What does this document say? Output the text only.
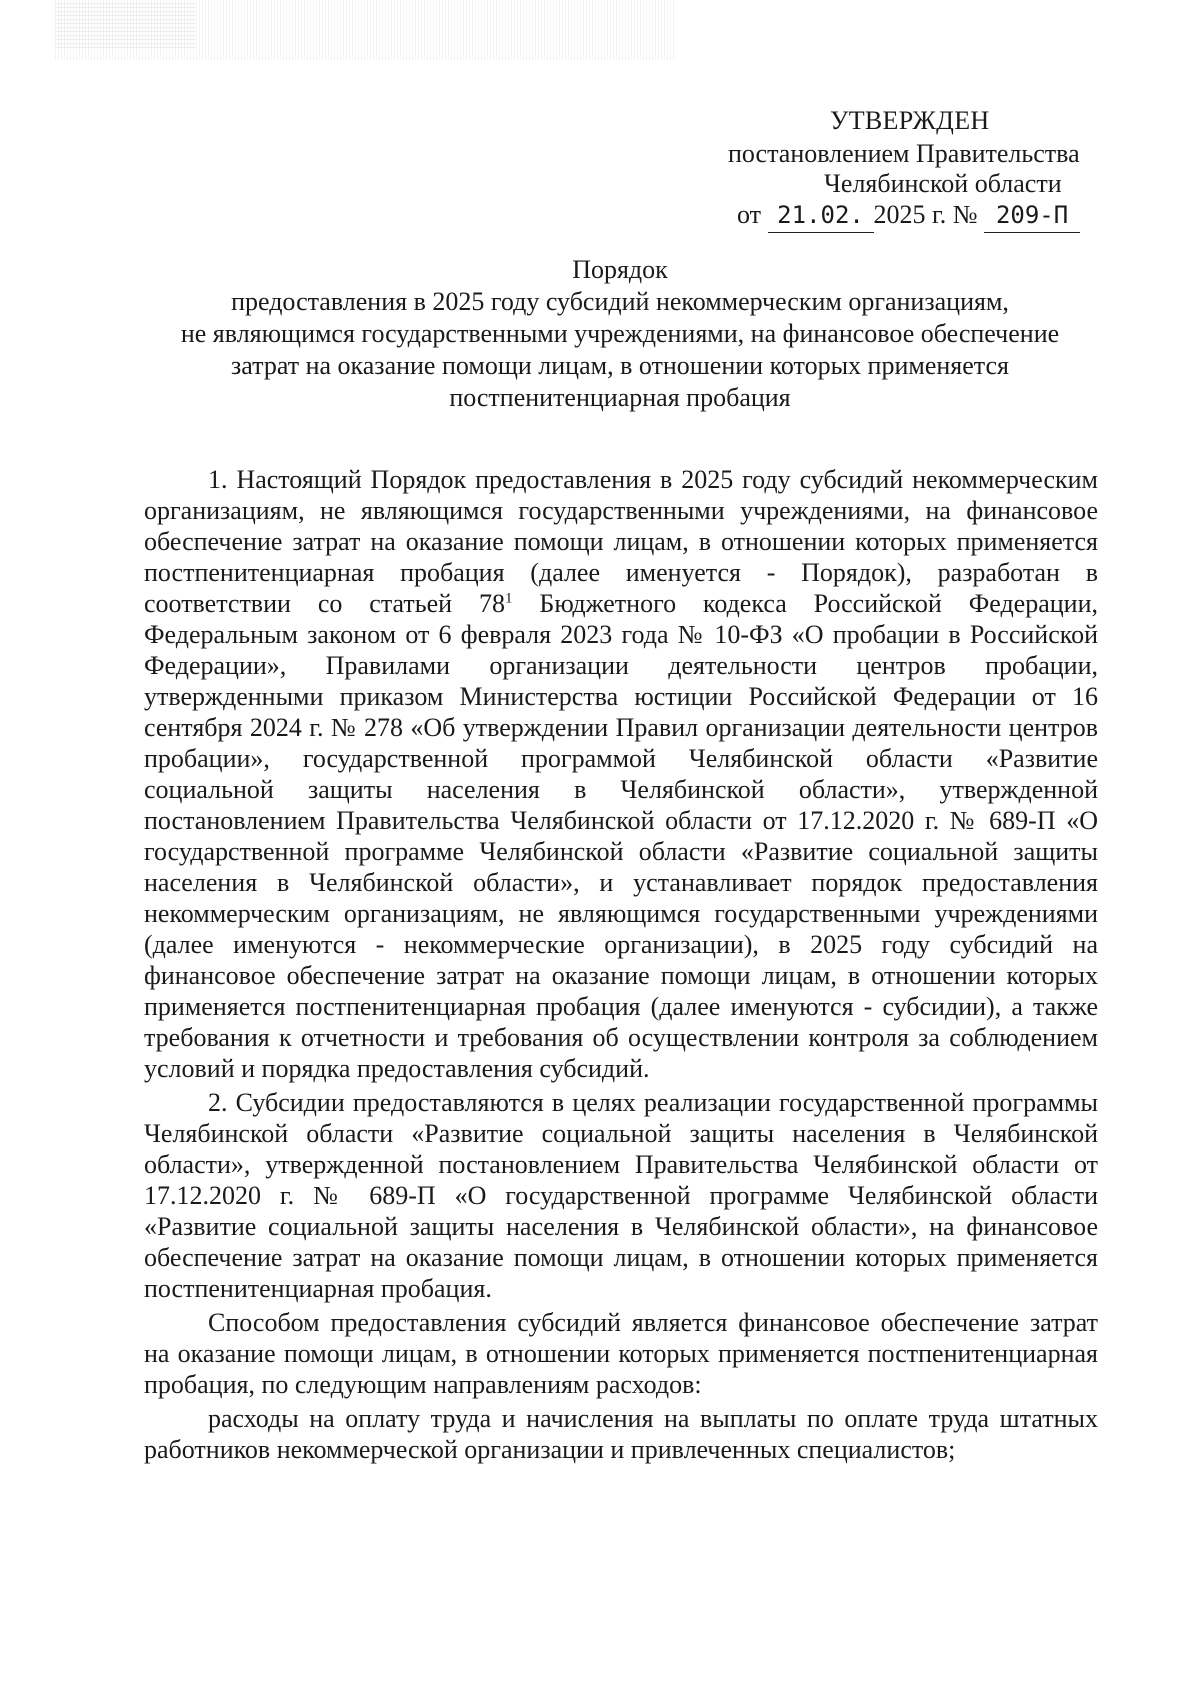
УТВЕРЖДЕН
постановлением Правительства
Челябинской области
от 21.02. 2025 г. № 209-П
Порядок
предоставления в 2025 году субсидий некоммерческим организациям,
не являющимся государственными учреждениями, на финансовое обеспечение
затрат на оказание помощи лицам, в отношении которых применяется
постпенитенциарная пробация

1. Настоящий Порядок предоставления в 2025 году субсидий некоммерческим организациям, не являющимся государственными учреждениями, на финансовое обеспечение затрат на оказание помощи лицам, в отношении которых применяется постпенитенциарная пробация (далее именуется - Порядок), разработан в соответствии со статьей $78^1$ Бюджетного кодекса Российской Федерации, Федеральным законом от 6 февраля 2023 года № 10-ФЗ «О пробации в Российской Федерации», Правилами организации деятельности центров пробации, утвержденными приказом Министерства юстиции Российской Федерации от 16 сентября 2024 г. № 278 «Об утверждении Правил организации деятельности центров пробации», государственной программой Челябинской области «Развитие социальной защиты населения в Челябинской области», утвержденной постановлением Правительства Челябинской области от 17.12.2020 г. № 689-П «О государственной программе Челябинской области «Развитие социальной защиты населения в Челябинской области», и устанавливает порядок предоставления некоммерческим организациям, не являющимся государственными учреждениями (далее именуются - некоммерческие организации), в 2025 году субсидий на финансовое обеспечение затрат на оказание помощи лицам, в отношении которых применяется постпенитенциарная пробация (далее именуются - субсидии), а также требования к отчетности и требования об осуществлении контроля за соблюдением условий и порядка предоставления субсидий.

2. Субсидии предоставляются в целях реализации государственной программы Челябинской области «Развитие социальной защиты населения в Челябинской области», утвержденной постановлением Правительства Челябинской области от 17.12.2020 г. № 689-П «О государственной программе Челябинской области «Развитие социальной защиты населения в Челябинской области», на финансовое обеспечение затрат на оказание помощи лицам, в отношении которых применяется постпенитенциарная пробация.

Способом предоставления субсидий является финансовое обеспечение затрат на оказание помощи лицам, в отношении которых применяется постпенитенциарная пробация, по следующим направлениям расходов:

расходы на оплату труда и начисления на выплаты по оплате труда штатных работников некоммерческой организации и привлеченных специалистов;
